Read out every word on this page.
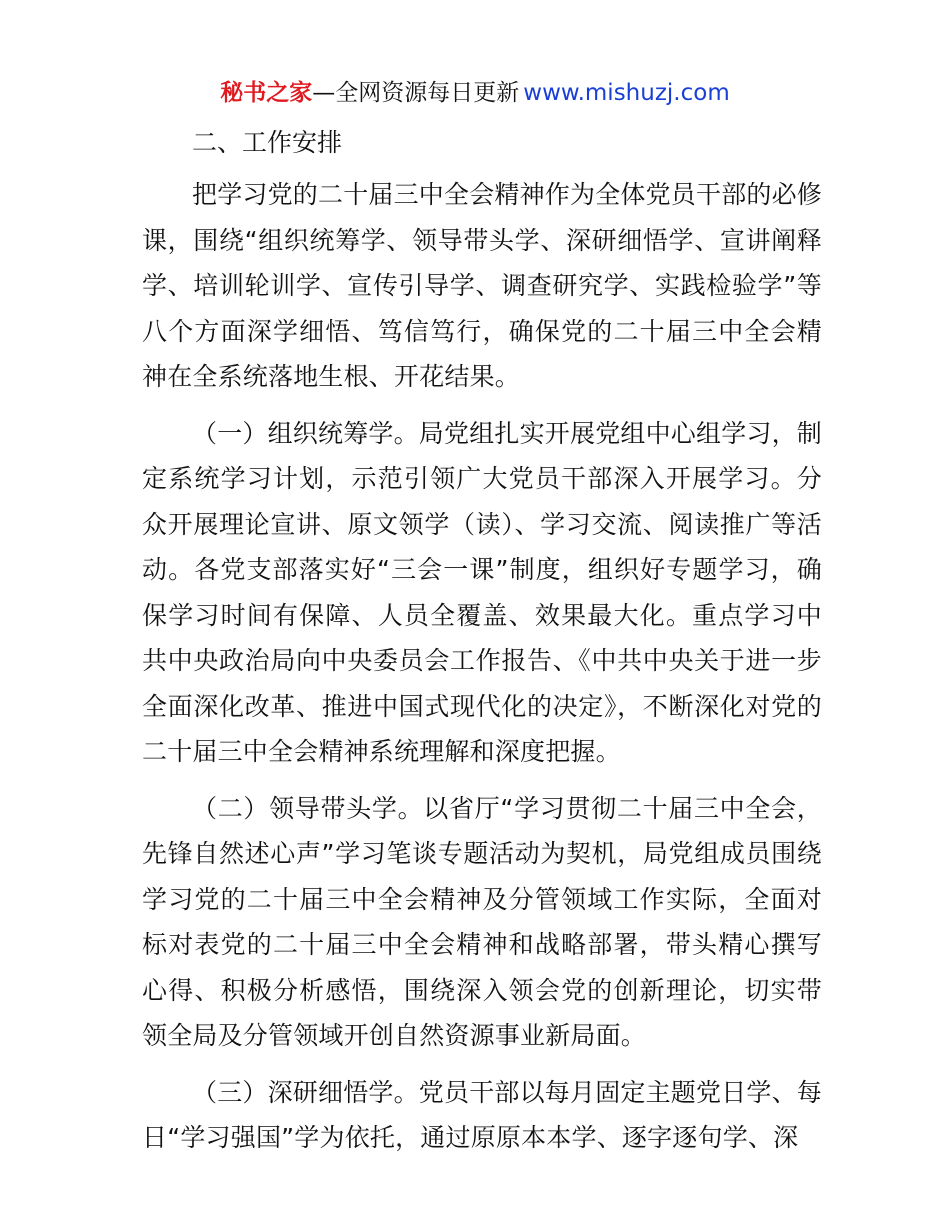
秘书之家—全网资源每日更新 www.mishuzj.com
二、工作安排

把学习党的二十届三中全会精神作为全体党员干部的必修课，围绕“组织统筹学、领导带头学、深研细悟学、宣讲阐释学、培训轮训学、宣传引导学、调查研究学、实践检验学”等八个方面深学细悟、笃信笃行，确保党的二十届三中全会精神在全系统落地生根、开花结果。

（一）组织统筹学。局党组扎实开展党组中心组学习，制定系统学习计划，示范引领广大党员干部深入开展学习。分众开展理论宣讲、原文领学（读）、学习交流、阅读推广等活动。各党支部落实好“三会一课”制度，组织好专题学习，确保学习时间有保障、人员全覆盖、效果最大化。重点学习中共中央政治局向中央委员会工作报告、《中共中央关于进一步全面深化改革、推进中国式现代化的决定》，不断深化对党的二十届三中全会精神系统理解和深度把握。

（二）领导带头学。以省厅“学习贯彻二十届三中全会，先锋自然述心声”学习笔谈专题活动为契机，局党组成员围绕学习党的二十届三中全会精神及分管领域工作实际，全面对标对表党的二十届三中全会精神和战略部署，带头精心撰写心得、积极分析感悟，围绕深入领会党的创新理论，切实带领全局及分管领域开创自然资源事业新局面。

（三）深研细悟学。党员干部以每月固定主题党日学、每日“学习强国”学为依托，通过原原本本学、逐字逐句学、深
